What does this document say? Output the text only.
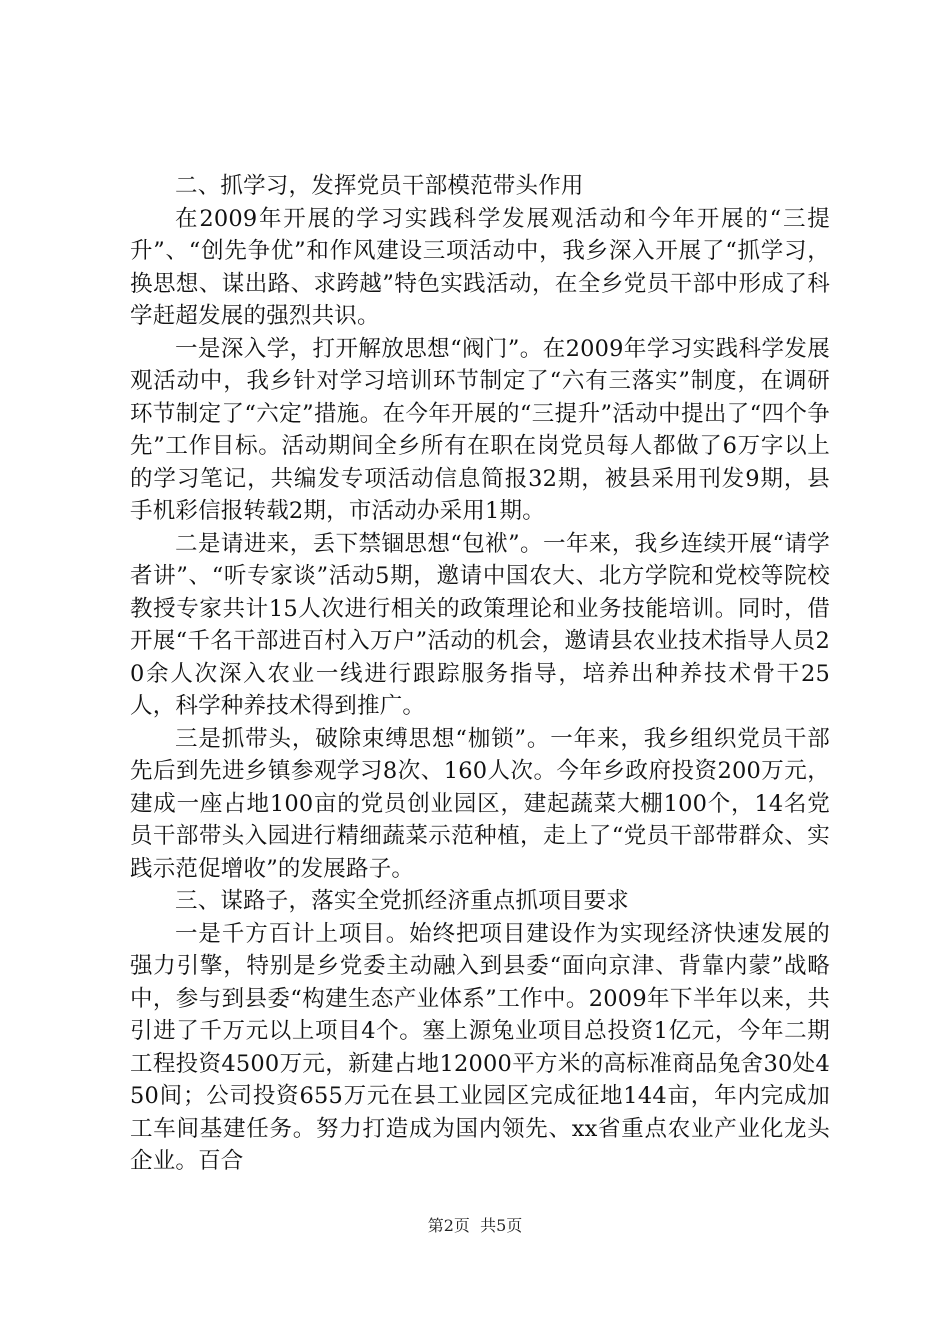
二、抓学习，发挥党员干部模范带头作用

在2009年开展的学习实践科学发展观活动和今年开展的“三提升”、“创先争优”和作风建设三项活动中，我乡深入开展了“抓学习，换思想、谋出路、求跨越”特色实践活动，在全乡党员干部中形成了科学赶超发展的强烈共识。

一是深入学，打开解放思想“阀门”。在2009年学习实践科学发展观活动中，我乡针对学习培训环节制定了“六有三落实”制度，在调研环节制定了“六定”措施。在今年开展的“三提升”活动中提出了“四个争先”工作目标。活动期间全乡所有在职在岗党员每人都做了6万字以上的学习笔记，共编发专项活动信息简报32期，被县采用刊发9期，县手机彩信报转载2期，市活动办采用1期。

二是请进来，丢下禁锢思想“包袱”。一年来，我乡连续开展“请学者讲”、“听专家谈”活动5期，邀请中国农大、北方学院和党校等院校教授专家共计15人次进行相关的政策理论和业务技能培训。同时，借开展“千名干部进百村入万户”活动的机会，邀请县农业技术指导人员20余人次深入农业一线进行跟踪服务指导，培养出种养技术骨干25人，科学种养技术得到推广。

三是抓带头，破除束缚思想“枷锁”。一年来，我乡组织党员干部先后到先进乡镇参观学习8次、160人次。今年乡政府投资200万元，建成一座占地100亩的党员创业园区，建起蔬菜大棚100个，14名党员干部带头入园进行精细蔬菜示范种植，走上了“党员干部带群众、实践示范促增收”的发展路子。

三、谋路子，落实全党抓经济重点抓项目要求

一是千方百计上项目。始终把项目建设作为实现经济快速发展的强力引擎，特别是乡党委主动融入到县委“面向京津、背靠内蒙”战略中，参与到县委“构建生态产业体系”工作中。2009年下半年以来，共引进了千万元以上项目4个。塞上源兔业项目总投资1亿元，今年二期工程投资4500万元，新建占地12000平方米的高标准商品兔舍30处450间；公司投资655万元在县工业园区完成征地144亩，年内完成加工车间基建任务。努力打造成为国内领先、xx省重点农业产业化龙头企业。百合

第2页 共5页
